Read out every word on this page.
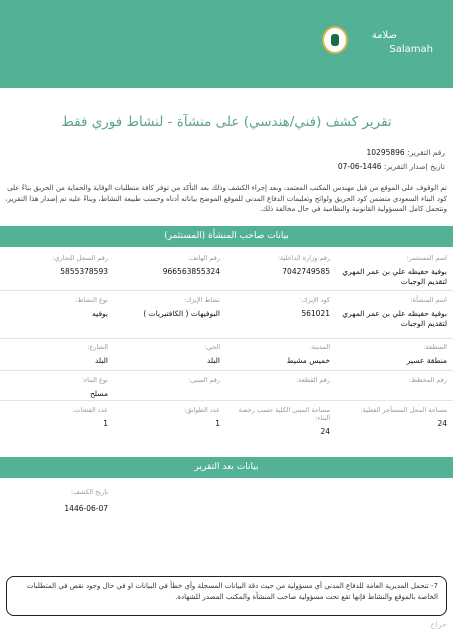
صلامة
Salamah
تقرير كشف (فني/هندسي) على منشآة - لنشاط فوري فقط
رقم التقرير: 10295896
تاريخ إصدار التقرير: 1446-06-07
تم الوقوف على الموقع من قبل مهندس المكتب المعتمد، وبعد إجراء الكشف وذلك بعد التأكد من توفر كافة متطلبات الوقاية والحماية من الحريق بناءً على كود البناء السعودي متضمن كود الحريق ولوائح وتعليمات الدفاع المدني للموقع الموضح بياناته أدناه وحسب طبيعة النشاط، وبناءً عليه تم إصدار هذا التقرير، ونتحمل كامل المسؤولية القانونية والنظامية في حال مخالفة ذلك.
بيانات صاحب المنشأة (المستثمر)
اسم المستثمر:
بوفية حفيظه علي بن عمر المهري لتقديم الوجبات
رقم وزارة الداخلية:
7042749585
رقم الهاتف:
966563855324
رقم السجل التجاري:
5855378593
اسم المنشأة:
بوفية حفيظه علي بن عمر المهري لتقديم الوجبات
كود الإيزك:
561021
نشاط الإيزك:
البوفيهات ( الكافتيريات )
نوع النشاط:
بوفيه
المنطقة:
منطقة عسير
المدينة:
خميس مشيط
الحي:
البلد
الشارع:
البلد
رقم المخطط:
رقم القطعة:
رقم المبنى:
نوع البناء:
مسلح
مساحة المحل المستأجر الفعلية:
24
مساحة المبنى الكلية حسب رخصة البناء:
24
عدد الطوابق:
1
عدد الفتحات:
1
بيانات بعد التقرير
تاريخ الكشف:
1446-06-07
7- تتحمل المديرية العامة للدفاع المدني أي مسؤولية من حيث دقة البيانات المسجلة وأي خطأ في البيانات او في حال وجود نقص في المتطلبات الخاصة بالموقع والنشاط فإنها تقع تحت مسؤولية صاحب المنشأة والمكتب المصدر للشهادة.
حراج
